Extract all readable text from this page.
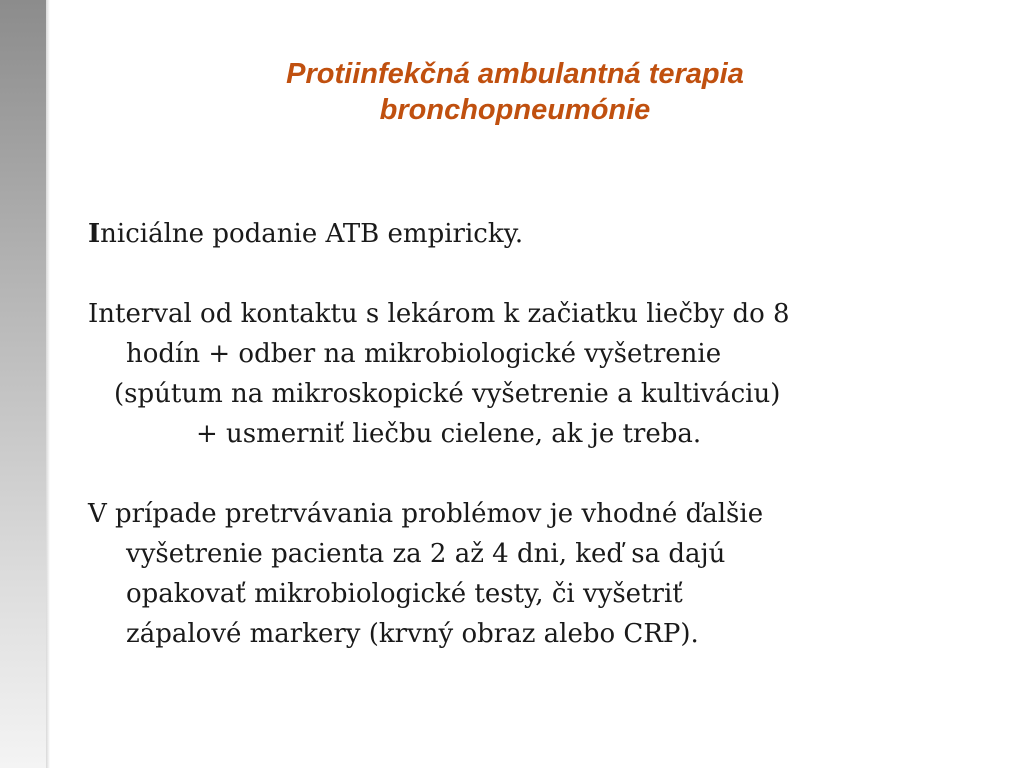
Protiinfekčná ambulantná terapia
bronchopneumónie
Iniciálne podanie ATB empiricky.
Interval od kontaktu s lekárom k začiatku liečby do 8
hodín + odber na mikrobiologické vyšetrenie
(spútum na mikroskopické vyšetrenie a kultiváciu)
+ usmerniť liečbu cielene, ak je treba.
V prípade pretrvávania problémov je vhodné ďalšie
vyšetrenie pacienta za 2 až 4 dni, keď sa dajú
opakovať mikrobiologické testy, či vyšetriť
zápalové markery (krvný obraz alebo CRP).
